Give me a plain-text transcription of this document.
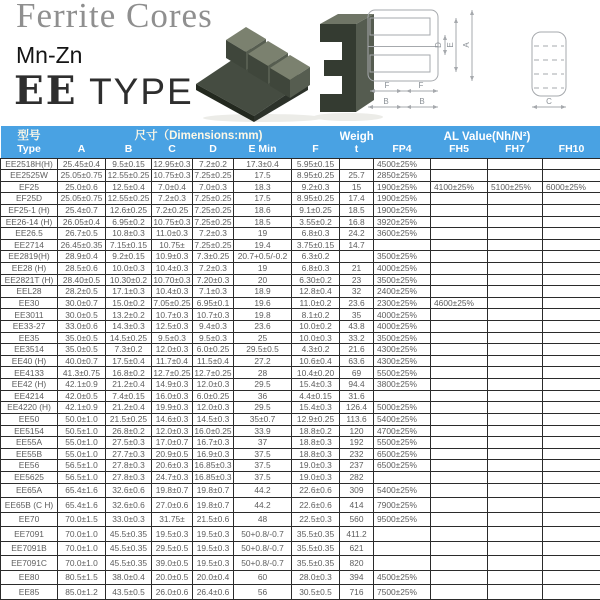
Ferrite Cores
Mn-Zn
EE TYPE
D E A
F	F
B	B	C
型号	尺寸（Dimensions:mm)						Weigh	AL Value(Nh/N²)			
Type	A	B	C	D	E Min	F	t	FP4	FH5	FH7	FH10
EE2518H(H)	25.45±0.4	9.5±0.15	12.95±0.3	7.2±0.2	17.3±0.4	5.95±0.15		4500±25%			
EE2525W	25.05±0.75	12.55±0.25	10.75±0.3	7.25±0.25	17.5	8.95±0.25	25.7	2850±25%			
EF25	25.0±0.6	12.5±0.4	7.0±0.4	7.0±0.3	18.3	9.2±0.3	15	1900±25%	4100±25%	5100±25%	6000±25%
EF25D	25.05±0.75	12.55±0.25	7.2±0.3	7.25±0.25	17.5	8.95±0.25	17.4	1900±25%			
EF25-1 (H)	25.4±0.7	12.6±0.25	7.2±0.25	7.25±0.25	18.6	9.1±0.25	18.5	1900±25%			
EE26-14 (H)	26.05±0.4	6.95±0.2	10.75±0.3	7.25±0.25	18.5	3.55±0.2	16.8	3920±25%			
EE26.5	26.7±0.5	10.8±0.3	11.0±0.3	7.2±0.3	19	6.8±0.3	24.2	3600±25%			
EE2714	26.45±0.35	7.15±0.15	10.75±	7.25±0.25	19.4	3.75±0.15	14.7				
EE2819(H)	28.9±0.4	9.2±0.15	10.9±0.3	7.3±0.25	20.7+0.5/-0.2	6.3±0.2		3500±25%			
EE28 (H)	28.5±0.6	10.0±0.3	10.4±0.3	7.2±0.3	19	6.8±0.3	21	4000±25%			
EE2821T (H)	28.40±0.5	10.30±0.2	10.70±0.3	7.20±0.3	20	6.30±0.2	23	3500±25%			
EEL28	28.2±0.5	17.1±0.3	10.4±0.3	7.1±0.3	18.9	12.8±0.4	32	2400±25%			
EE30	30.0±0.7	15.0±0.2	7.05±0.25	6.95±0.1	19.6	11.0±0.2	23.6	2300±25%	4600±25%		
EE3011	30.0±0.5	13.2±0.2	10.7±0.3	10.7±0.3	19.8	8.1±0.2	35	4000±25%			
EE33-27	33.0±0.6	14.3±0.3	12.5±0.3	9.4±0.3	23.6	10.0±0.2	43.8	4000±25%			
EE35	35.0±0.5	14.5±0.25	9.5±0.3	9.5±0.3	25	10.0±0.3	33.2	3500±25%			
EE3514	35.0±0.5	7.3±0.2	12.0±0.3	6.0±0.25	29.5±0.5	4.3±0.2	21.6	4300±25%			
EE40 (H)	40.0±0.7	17.5±0.4	11.7±0.4	11.5±0.4	27.2	10.6±0.4	63.6	4300±25%			
EE4133	41.3±0.75	16.8±0.2	12.7±0.25	12.7±0.25	28	10.4±0.20	69	5500±25%			
EE42 (H)	42.1±0.9	21.2±0.4	14.9±0.3	12.0±0.3	29.5	15.4±0.3	94.4	3800±25%			
EE4214	42.0±0.5	7.4±0.15	16.0±0.3	6.0±0.25	36	4.4±0.15	31.6				
EE4220 (H)	42.1±0.9	21.2±0.4	19.9±0.3	12.0±0.3	29.5	15.4±0.3	126.4	5000±25%			
EE50	50.0±1.0	21.5±0.25	14.6±0.3	14.5±0.3	35±0.7	12.9±0.25	113.6	5400±25%			
EE5154	50.5±1.0	26.8±0.2	12.0±0.3	16.0±0.25	33.9	18.8±0.2	120	4700±25%			
EE55A	55.0±1.0	27.5±0.3	17.0±0.7	16.7±0.3	37	18.8±0.3	192	5500±25%			
EE55B	55.0±1.0	27.7±0.3	20.9±0.5	16.9±0.3	37.5	18.8±0.3	232	6500±25%			
EE56	56.5±1.0	27.8±0.3	20.6±0.3	16.85±0.3	37.5	19.0±0.3	237	6500±25%			
EE5625	56.5±1.0	27.8±0.3	24.7±0.3	16.85±0.3	37.5	19.0±0.3	282				
EE65A	65.4±1.6	32.6±0.6	19.8±0.7	19.8±0.7	44.2	22.6±0.6	309	5400±25%			
EE65B (C H)	65.4±1.6	32.6±0.6	27.0±0.6	19.8±0.7	44.2	22.6±0.6	414	7900±25%			
EE70	70.0±1.5	33.0±0.3	31.75±	21.5±0.6	48	22.5±0.3	560	9500±25%			
EE7091	70.0±1.0	45.5±0.35	19.5±0.3	19.5±0.3	50+0.8/-0.7	35.5±0.35	411.2				
EE7091B	70.0±1.0	45.5±0.35	29.5±0.5	19.5±0.3	50+0.8/-0.7	35.5±0.35	621				
EE7091C	70.0±1.0	45.5±0.35	39.0±0.5	19.5±0.3	50+0.8/-0.7	35.5±0.35	820				
EE80	80.5±1.5	38.0±0.4	20.0±0.5	20.0±0.4	60	28.0±0.3	394	4500±25%			
EE85	85.0±1.2	43.5±0.5	26.0±0.6	26.4±0.6	56	30.5±0.5	716	7500±25%			
